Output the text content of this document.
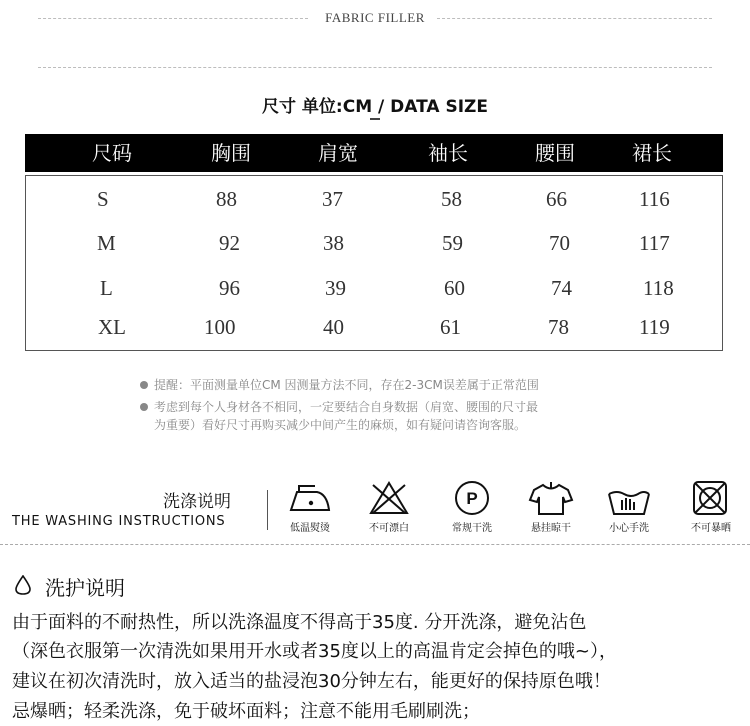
FABRIC FILLER
尺寸 单位:CM / DATA SIZE
尺码	胸围	肩宽	袖长	腰围	裙长
S	88	37	58	66	116
M	92	38	59	70	117
L	96	39	60	74	118
XL	100	40	61	78	119
提醒：平面测量单位CM 因测量方法不同，存在2-3CM误差属于正常范围
考虑到每个人身材各不相同，一定要结合自身数据（肩宽、腰围的尺寸最
为重要）看好尺寸再购买减少中间产生的麻烦，如有疑问请咨询客服。
洗涤说明
THE WASHING INSTRUCTIONS	低温熨烫	不可漂白
P
常规干洗	悬挂晾干	小心手洗	不可暴晒
洗护说明
由于面料的不耐热性，所以洗涤温度不得高于35度. 分开洗涤，避免沾色
（深色衣服第一次清洗如果用开水或者35度以上的高温肯定会掉色的哦~），
建议在初次清洗时，放入适当的盐浸泡30分钟左右，能更好的保持原色哦！
忌爆晒；轻柔洗涤，免于破坏面料；注意不能用毛刷刷洗；
